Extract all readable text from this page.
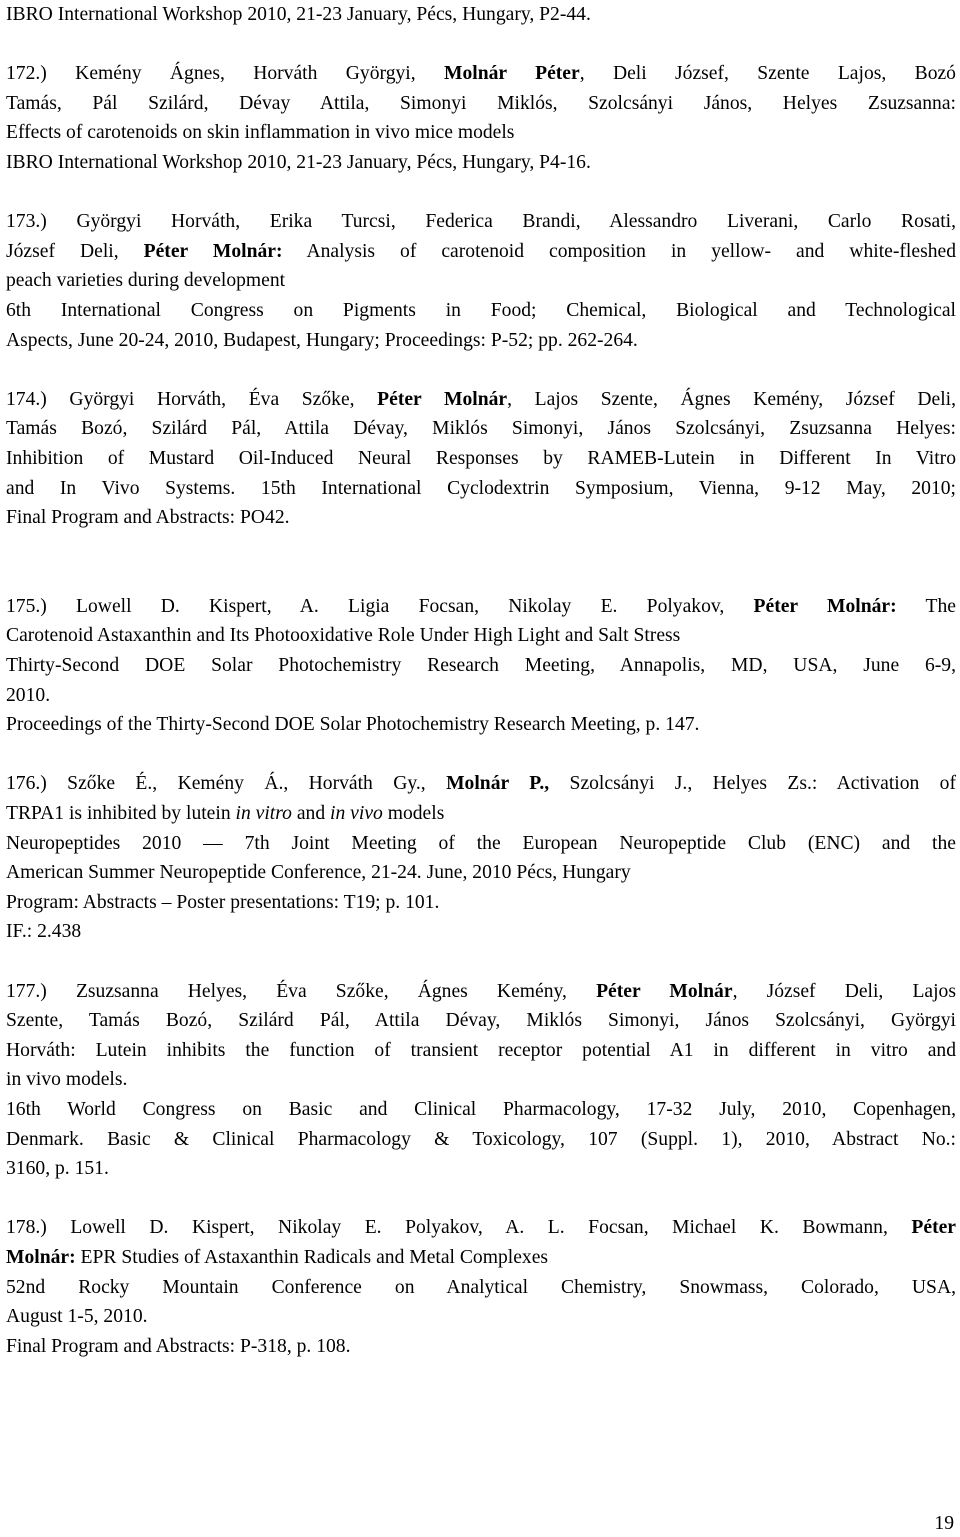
IBRO International Workshop 2010, 21-23 January, Pécs, Hungary, P2-44.
172.) Kemény Ágnes, Horváth Györgyi, Molnár Péter, Deli József, Szente Lajos, Bozó
Tamás, Pál Szilárd, Dévay Attila, Simonyi Miklós, Szolcsányi János, Helyes Zsuzsanna:
Effects of carotenoids on skin inflammation in vivo mice models
IBRO International Workshop 2010, 21-23 January, Pécs, Hungary, P4-16.
173.) Györgyi Horváth, Erika Turcsi, Federica Brandi, Alessandro Liverani, Carlo Rosati,
József Deli, Péter Molnár: Analysis of carotenoid composition in yellow- and white-fleshed
peach varieties during development
6th International Congress on Pigments in Food; Chemical, Biological and Technological
Aspects, June 20-24, 2010, Budapest, Hungary; Proceedings: P-52; pp. 262-264.
174.) Györgyi Horváth, Éva Szőke, Péter Molnár, Lajos Szente, Ágnes Kemény, József Deli,
Tamás Bozó, Szilárd Pál, Attila Dévay, Miklós Simonyi, János Szolcsányi, Zsuzsanna Helyes:
Inhibition of Mustard Oil-Induced Neural Responses by RAMEB-Lutein in Different In Vitro
and In Vivo Systems. 15th International Cyclodextrin Symposium, Vienna, 9-12 May, 2010;
Final Program and Abstracts: PO42.
175.) Lowell D. Kispert, A. Ligia Focsan, Nikolay E. Polyakov, Péter Molnár: The
Carotenoid Astaxanthin and Its Photooxidative Role Under High Light and Salt Stress
Thirty-Second DOE Solar Photochemistry Research Meeting, Annapolis, MD, USA, June 6-9,
2010.
Proceedings of the Thirty-Second DOE Solar Photochemistry Research Meeting, p. 147.
176.) Szőke É., Kemény Á., Horváth Gy., Molnár P., Szolcsányi J., Helyes Zs.: Activation of
TRPA1 is inhibited by lutein in vitro and in vivo models
Neuropeptides 2010 — 7th Joint Meeting of the European Neuropeptide Club (ENC) and the
American Summer Neuropeptide Conference, 21-24. June, 2010 Pécs, Hungary
Program: Abstracts – Poster presentations: T19; p. 101.
IF.: 2.438
177.) Zsuzsanna Helyes, Éva Szőke, Ágnes Kemény, Péter Molnár, József Deli, Lajos
Szente, Tamás Bozó, Szilárd Pál, Attila Dévay, Miklós Simonyi, János Szolcsányi, Györgyi
Horváth: Lutein inhibits the function of transient receptor potential A1 in different in vitro and
in vivo models.
16th World Congress on Basic and Clinical Pharmacology, 17-32 July, 2010, Copenhagen,
Denmark. Basic & Clinical Pharmacology & Toxicology, 107 (Suppl. 1), 2010, Abstract No.:
3160, p. 151.
178.) Lowell D. Kispert, Nikolay E. Polyakov, A. L. Focsan, Michael K. Bowmann, Péter
Molnár: EPR Studies of Astaxanthin Radicals and Metal Complexes
52nd Rocky Mountain Conference on Analytical Chemistry, Snowmass, Colorado, USA,
August 1-5, 2010.
Final Program and Abstracts: P-318, p. 108.
19
